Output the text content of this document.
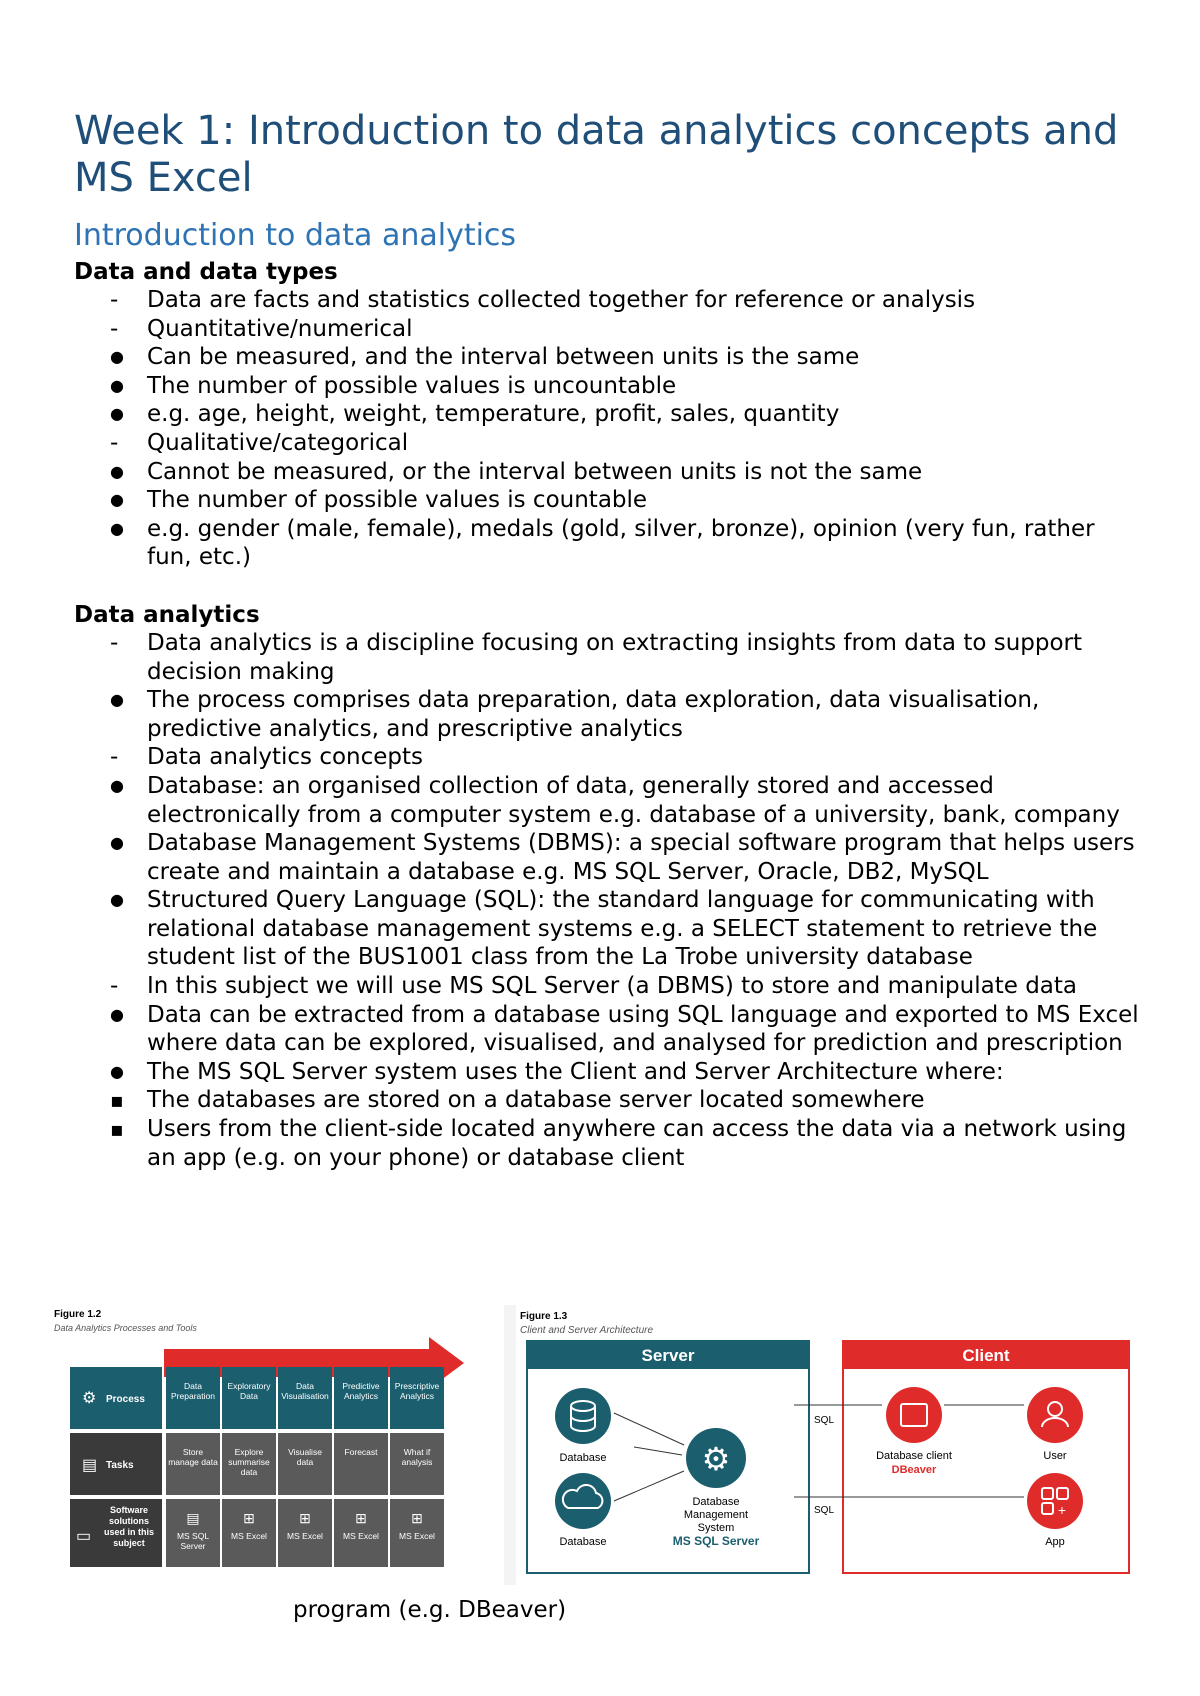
Week 1: Introduction to data analytics concepts and MS Excel
Introduction to data analytics
Data and data types
- Data are facts and statistics collected together for reference or analysis
- Quantitative/numerical
● Can be measured, and the interval between units is the same
● The number of possible values is uncountable
● e.g. age, height, weight, temperature, profit, sales, quantity
- Qualitative/categorical
● Cannot be measured, or the interval between units is not the same
● The number of possible values is countable
● e.g. gender (male, female), medals (gold, silver, bronze), opinion (very fun, rather fun, etc.)
Data analytics
- Data analytics is a discipline focusing on extracting insights from data to support decision making
● The process comprises data preparation, data exploration, data visualisation, predictive analytics, and prescriptive analytics
- Data analytics concepts
● Database: an organised collection of data, generally stored and accessed electronically from a computer system e.g. database of a university, bank, company
● Database Management Systems (DBMS): a special software program that helps users create and maintain a database e.g. MS SQL Server, Oracle, DB2, MySQL
● Structured Query Language (SQL): the standard language for communicating with relational database management systems e.g. a SELECT statement to retrieve the student list of the BUS1001 class from the La Trobe university database
- In this subject we will use MS SQL Server (a DBMS) to store and manipulate data
● Data can be extracted from a database using SQL language and exported to MS Excel where data can be explored, visualised, and analysed for prediction and prescription
● The MS SQL Server system uses the Client and Server Architecture where:
▪ The databases are stored on a database server located somewhere
▪ Users from the client-side located anywhere can access the data via a network using an app (e.g. on your phone) or database client
Figure 1.2
Data Analytics Processes and Tools
Process
Tasks
Software solutions used in this subject
⚙
▤
▭
Data Preparation
Exploratory Data
Data Visualisation
Predictive Analytics
Prescriptive Analytics
Store manage data
Explore summarise data
Visualise data
Forecast	What if analysis
▤
MS SQL Server
⊞
MS Excel
⊞
MS Excel
⊞
MS Excel
⊞
MS Excel
Figure 1.3
Client and Server Architecture
Server
Database
Database
⚙
Database
Management
System
MS SQL Server
Client
Database client
DBeaver
User
+
App
SQL
SQL
program (e.g. DBeaver)
